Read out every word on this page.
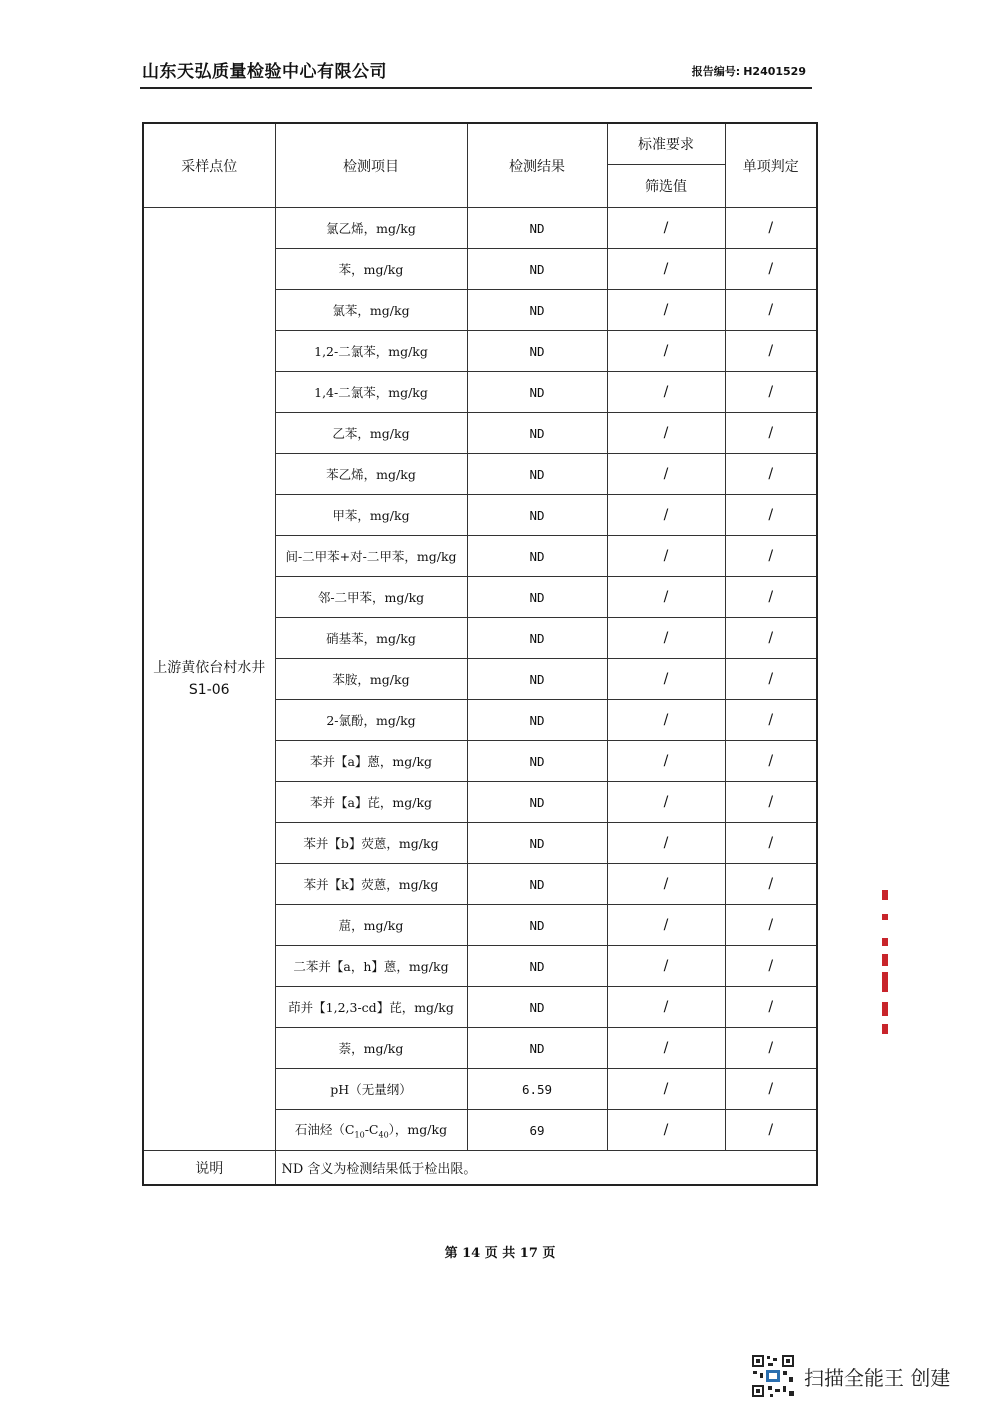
山东天弘质量检验中心有限公司	报告编号: H2401529
采样点位	检测项目	检测结果	标准要求	单项判定
			筛选值	

上游黄依台村水井
S1-06	氯乙烯，mg/kg	ND	/	/
	苯，mg/kg	ND	/	/
	氯苯，mg/kg	ND	/	/
	1,2-二氯苯，mg/kg	ND	/	/
	1,4-二氯苯，mg/kg	ND	/	/
	乙苯，mg/kg	ND	/	/
	苯乙烯，mg/kg	ND	/	/
	甲苯，mg/kg	ND	/	/
	间-二甲苯+对-二甲苯，mg/kg	ND	/	/
	邻-二甲苯，mg/kg	ND	/	/
	硝基苯，mg/kg	ND	/	/
	苯胺，mg/kg	ND	/	/
	2-氯酚，mg/kg	ND	/	/
	苯并【a】蒽，mg/kg	ND	/	/
	苯并【a】芘，mg/kg	ND	/	/
	苯并【b】荧蒽，mg/kg	ND	/	/
	苯并【k】荧蒽，mg/kg	ND	/	/
	䓛，mg/kg	ND	/	/
	二苯并【a，h】蒽，mg/kg	ND	/	/
	茚并【1,2,3-cd】芘，mg/kg	ND	/	/
	萘，mg/kg	ND	/	/
	pH（无量纲）	6.59	/	/
	石油烃$(C_{10}-C_{40})$，mg/kg	69	/	/
说明	ND 含义为检测结果低于检出限。			
第 14 页 共 17 页
扫描全能王 创建
